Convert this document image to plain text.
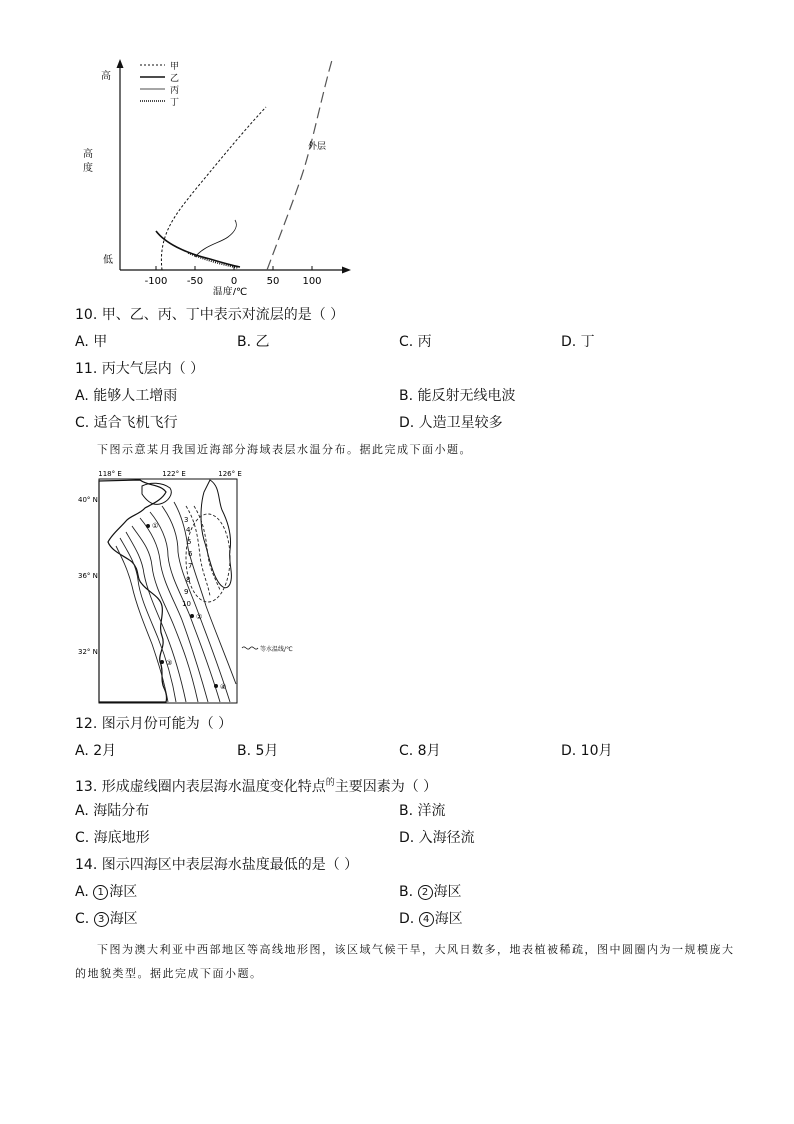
-100 -50	0	50 100
温度/℃
高
高
度
低
甲
乙
丙
丁
外层
10. 甲、乙、丙、丁中表示对流层的是（ ）
A. 甲	B. 乙	C. 丙	D. 丁
11. 丙大气层内（ ）
A. 能够人工增雨	B. 能反射无线电波
C. 适合飞机飞行	D. 人造卫星较多
下图示意某月我国近海部分海域表层水温分布。据此完成下面小题。
118° E	122° E	126° E
40° N
36° N
32° N
3
4
5
6
7
8
9
10
①
②
③
④
等水温线/℃
12. 图示月份可能为（ ）
A. 2月	B. 5月	C. 8月	D. 10月
13. 形成虚线圈内表层海水温度变化特点$^的$主要因素为（ ）
A. 海陆分布	B. 洋流
C. 海底地形	D. 入海径流
14. 图示四海区中表层海水盐度最低的是（ ）
A. 1 海区	B. 2 海区
C. 3 海区	D. 4 海区
下图为澳大利亚中西部地区等高线地形图，该区域气候干旱，大风日数多，地表植被稀疏，图中圆圈内为一规模庞大的地貌类型。据此完成下面小题。
